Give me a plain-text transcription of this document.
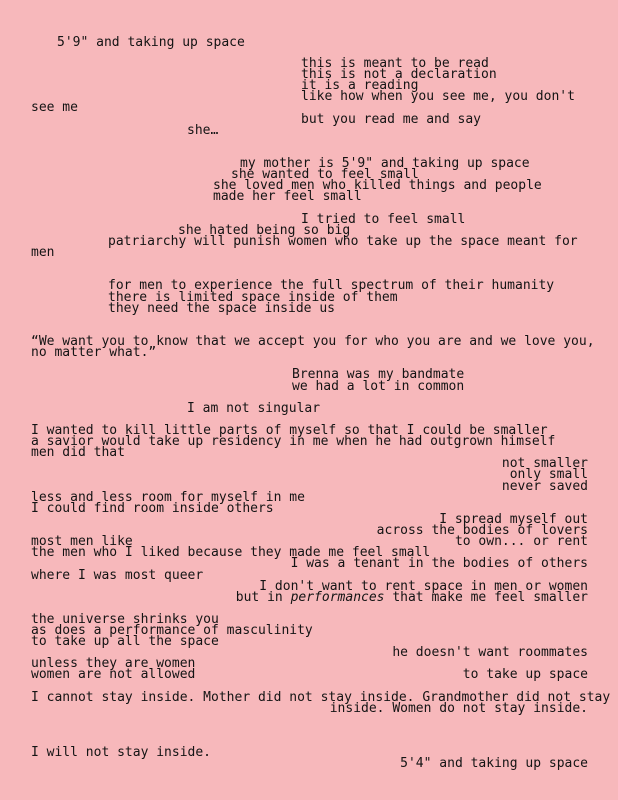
5'9" and taking up space
this is meant to be read
this is not a declaration
it is a reading
like how when you see me, you don't
see me
but you read me and say
she…
my mother is 5'9" and taking up space
she wanted to feel small
she loved men who killed things and people
made her feel small
I tried to feel small
she hated being so big
patriarchy will punish women who take up the space meant for
men
for men to experience the full spectrum of their humanity
there is limited space inside of them
they need the space inside us
“We want you to know that we accept you for who you are and we love you,
no matter what.”
Brenna was my bandmate
we had a lot in common
I am not singular
I wanted to kill little parts of myself so that I could be smaller
a savior would take up residency in me when he had outgrown himself
men did that
not smaller
only small
never saved
less and less room for myself in me
I could find room inside others
I spread myself out
across the bodies of lovers
most men like	to own... or rent
the men who I liked because they made me feel small
I was a tenant in the bodies of others
where I was most queer
I don't want to rent space in men or women
but in performances that make me feel smaller
the universe shrinks you
as does a performance of masculinity
to take up all the space
he doesn't want roommates
unless they are women
women are not allowed	to take up space
I cannot stay inside. Mother did not stay inside. Grandmother did not stay
inside. Women do not stay inside.
I will not stay inside.
5'4" and taking up space
